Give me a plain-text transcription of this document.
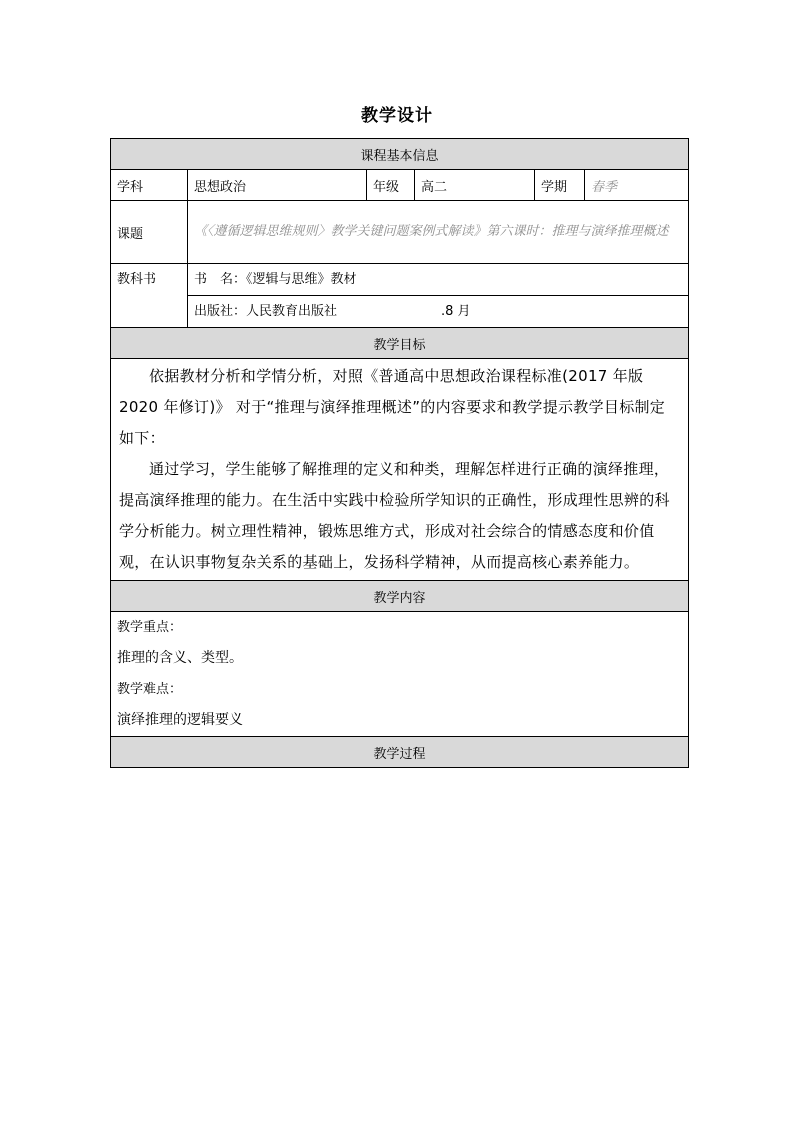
教学设计
课程基本信息					
学科	思想政治	年级	高二	学期	春季
课题	《〈遵循逻辑思维规则〉教学关键问题案例式解读》第六课时：推理与演绎推理概述				
教科书	书　名：《逻辑与思维》教材
出版社：人民教育出版社 .8 月				

教学目标					

依据教材分析和学情分析，对照《普通高中思想政治课程标准(2017 年版 2020 年修订)》 对于“推理与演绎推理概述”的内容要求和教学提示教学目标制定如下：

通过学习，学生能够了解推理的定义和种类，理解怎样进行正确的演绎推理，提高演绎推理的能力。在生活中实践中检验所学知识的正确性，形成理性思辨的科学分析能力。树立理性精神，锻炼思维方式，形成对社会综合的情感态度和价值观，在认识事物复杂关系的基础上，发扬科学精神，从而提高核心素养能力。					

教学内容					

教学重点：
推理的含义、类型。
教学难点：
演绎推理的逻辑要义					

教学过程					
